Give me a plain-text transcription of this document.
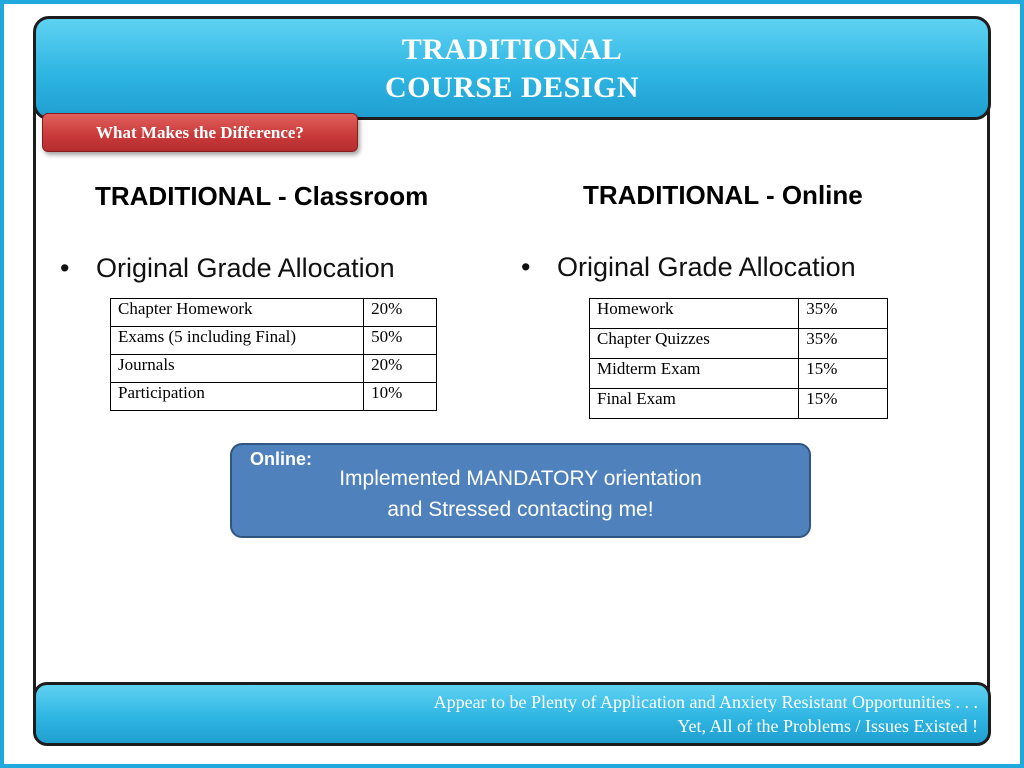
TRADITIONAL
COURSE DESIGN
What Makes the Difference?
TRADITIONAL - Classroom
• Original Grade Allocation
Chapter Homework	20%
Exams (5 including Final)	50%
Journals	20%
Participation	10%
TRADITIONAL - Online
• Original Grade Allocation
Homework	35%
Chapter Quizzes	35%
Midterm Exam	15%
Final Exam	15%
Online:
Implemented MANDATORY orientation
and Stressed contacting me!
Appear to be Plenty of Application and Anxiety Resistant Opportunities . . .
Yet, All of the Problems / Issues Existed !
